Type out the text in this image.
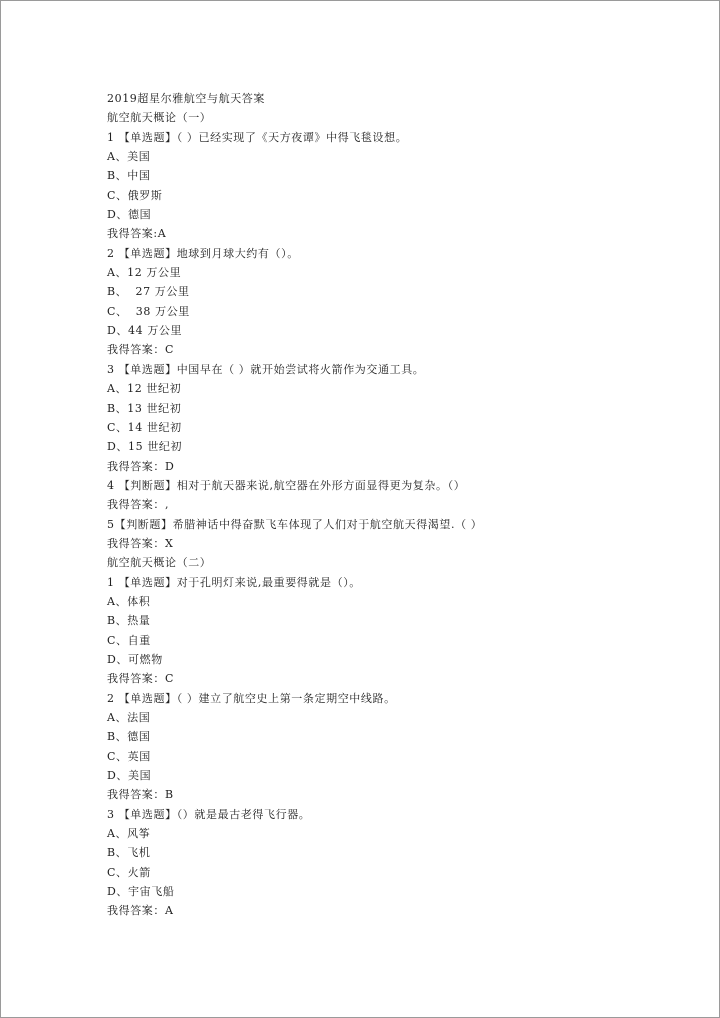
2019超星尔雅航空与航天答案
航空航天概论（一）
1 【单选题】（ ）已经实现了《天方夜谭》中得飞毯设想。
A、美国
B、中国
C、俄罗斯
D、德国
我得答案:A
2 【单选题】地球到月球大约有（）。
A、12 万公里
B、  27 万公里
C、  38 万公里
D、44 万公里
我得答案：C
3 【单选题】中国早在（ ）就开始尝试将火箭作为交通工具。
A、12 世纪初
B、13 世纪初
C、14 世纪初
D、15 世纪初
我得答案：D
4 【判断题】相对于航天器来说,航空器在外形方面显得更为复杂。（）
我得答案：,
5【判断题】希腊神话中得奋默飞车体现了人们对于航空航天得渴望.（ ）
我得答案：X
航空航天概论（二）
1 【单选题】对于孔明灯来说,最重要得就是（）。
A、体积
B、热量
C、自重
D、可燃物
我得答案：C
2 【单选题】（ ）建立了航空史上第一条定期空中线路。
A、法国
B、德国
C、英国
D、美国
我得答案：B
3 【单选题】（）就是最古老得飞行器。
A、风筝
B、飞机
C、火箭
D、宇宙飞船
我得答案：A
